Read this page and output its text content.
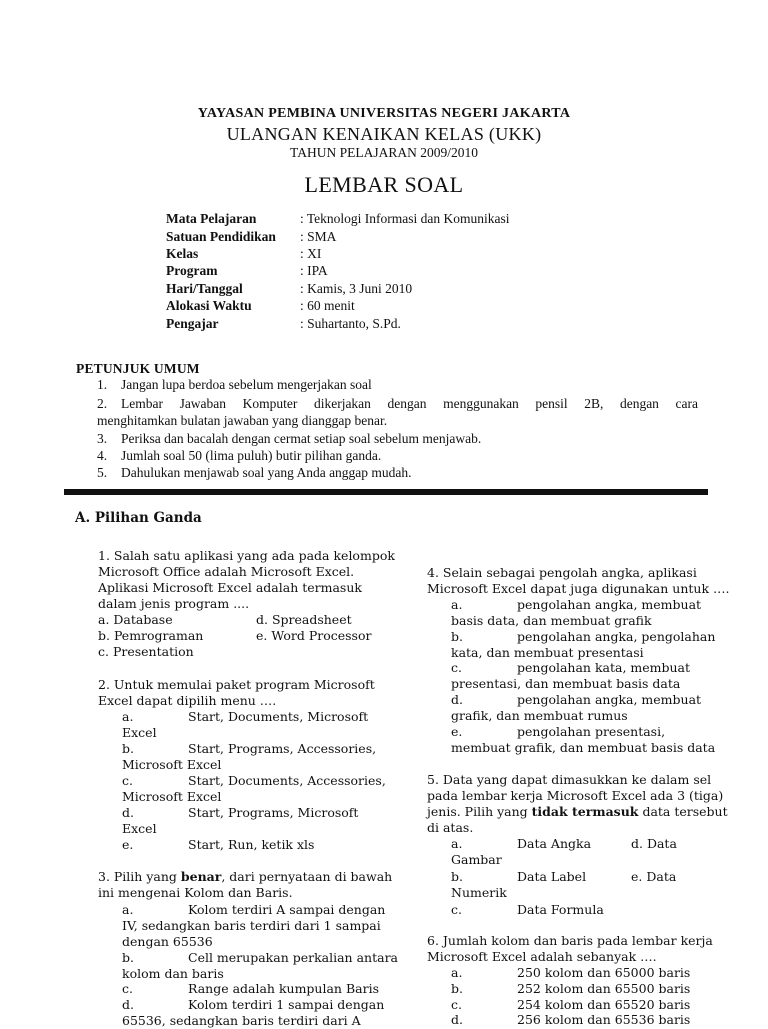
YAYASAN PEMBINA UNIVERSITAS NEGERI JAKARTA
ULANGAN KENAIKAN KELAS (UKK)
TAHUN PELAJARAN 2009/2010
LEMBAR SOAL
Mata Pelajaran	: Teknologi Informasi dan Komunikasi
Satuan Pendidikan	: SMA
Kelas	: XI
Program	: IPA
Hari/Tanggal	: Kamis, 3 Juni 2010
Alokasi Waktu	: 60 menit
Pengajar	: Suhartanto, S.Pd.
PETUNJUK UMUM
1.	Jangan lupa berdoa sebelum mengerjakan soal
2.	Lembar Jawaban Komputer dikerjakan dengan menggunakan pensil 2B, dengan cara
menghitamkan bulatan jawaban yang dianggap benar.
3.	Periksa dan bacalah dengan cermat setiap soal sebelum menjawab.
4.	Jumlah soal 50 (lima puluh) butir pilihan ganda.
5.	Dahulukan menjawab soal yang Anda anggap mudah.
A. Pilihan Ganda
1. Salah satu aplikasi yang ada pada kelompok
Microsoft Office adalah Microsoft Excel.
Aplikasi Microsoft Excel adalah termasuk
dalam jenis program ....
a. Database	d. Spreadsheet
b. Pemrograman	e. Word Processor
c. Presentation
2. Untuk memulai paket program Microsoft
Excel dapat dipilih menu ….
a.	Start, Documents, Microsoft
Excel
b.	Start, Programs, Accessories,
Microsoft Excel
c.	Start, Documents, Accessories,
Microsoft Excel
d.	Start, Programs, Microsoft
Excel
e.	Start, Run, ketik xls
3. Pilih yang benar, dari pernyataan di bawah
ini mengenai Kolom dan Baris.
a.	Kolom terdiri A sampai dengan
IV, sedangkan baris terdiri dari 1 sampai
dengan 65536
b.	Cell merupakan perkalian antara
kolom dan baris
c.	Range adalah kumpulan Baris
d.	Kolom terdiri 1 sampai dengan
65536, sedangkan baris terdiri dari A
4. Selain sebagai pengolah angka, aplikasi
Microsoft Excel dapat juga digunakan untuk ….
a.	pengolahan angka, membuat
basis data, dan membuat grafik
b.	pengolahan angka, pengolahan
kata, dan membuat presentasi
c.	pengolahan kata, membuat
presentasi, dan membuat basis data
d.	pengolahan angka, membuat
grafik, dan membuat rumus
e.	pengolahan presentasi,
membuat grafik, dan membuat basis data
5. Data yang dapat dimasukkan ke dalam sel
pada lembar kerja Microsoft Excel ada 3 (tiga)
jenis. Pilih yang tidak termasuk data tersebut
di atas.
a.	Data Angka	d. Data
Gambar
b.	Data Label	e. Data
Numerik
c.	Data Formula
6. Jumlah kolom dan baris pada lembar kerja
Microsoft Excel adalah sebanyak ….
a.	250 kolom dan 65000 baris
b.	252 kolom dan 65500 baris
c.	254 kolom dan 65520 baris
d.	256 kolom dan 65536 baris
